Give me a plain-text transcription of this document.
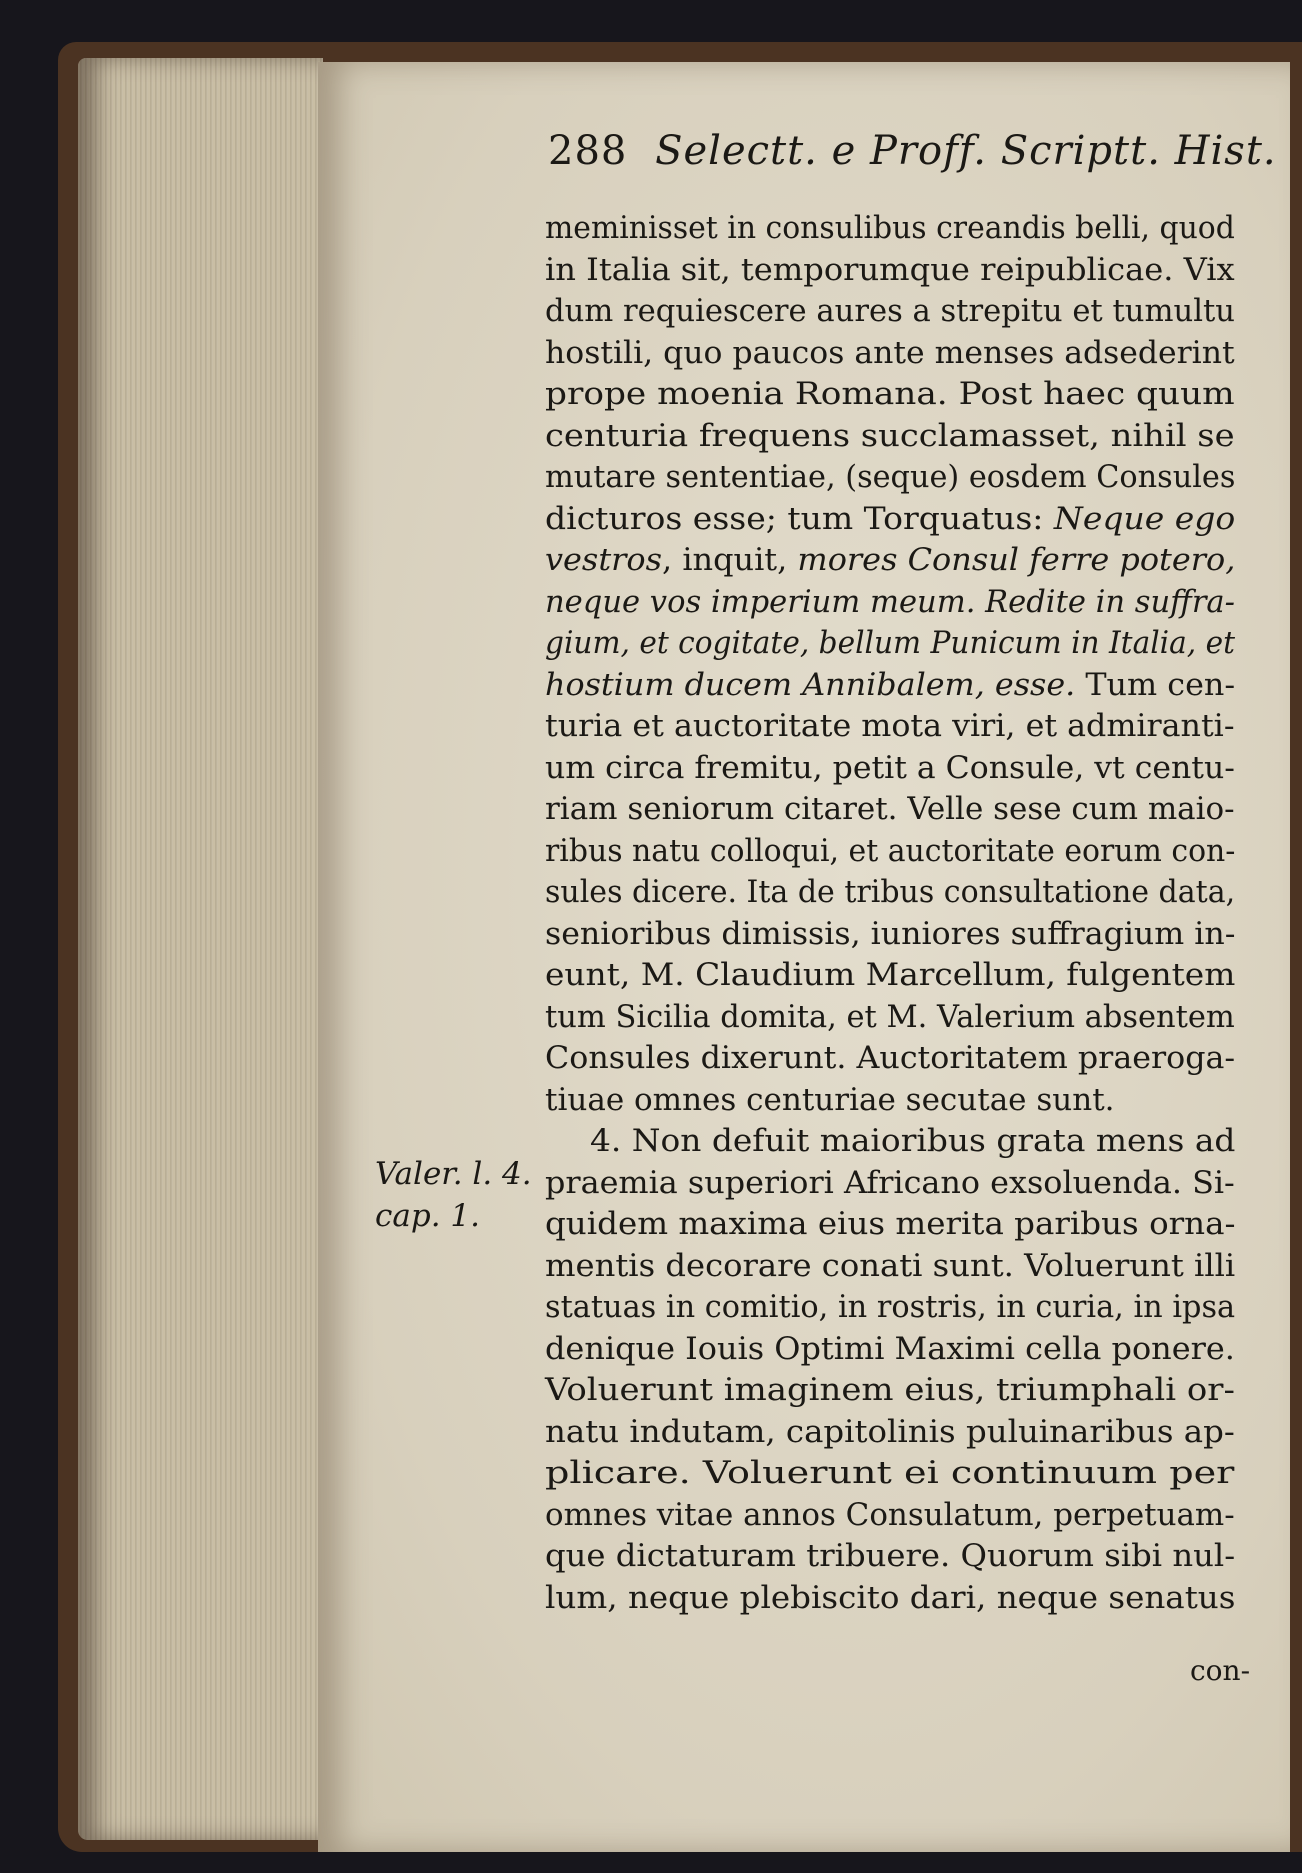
288 Selectt. e Proff. Scriptt. Hist.
meminisset in consulibus creandis belli, quod
in Italia sit, temporumque reipublicae. Vix
dum requiescere aures a strepitu et tumultu
hostili, quo paucos ante menses adsederint
prope moenia Romana. Post haec quum
centuria frequens succlamasset, nihil se
mutare sententiae, (seque) eosdem Consules
dicturos esse; tum Torquatus: Neque ego
vestros, inquit, mores Consul ferre potero,
neque vos imperium meum. Redite in suffra-
gium, et cogitate, bellum Punicum in Italia, et
hostium ducem Annibalem, esse. Tum cen-
turia et auctoritate mota viri, et admiranti-
um circa fremitu, petit a Consule, vt centu-
riam seniorum citaret. Velle sese cum maio-
ribus natu colloqui, et auctoritate eorum con-
sules dicere. Ita de tribus consultatione data,
senioribus dimissis, iuniores suffragium in-
eunt, M. Claudium Marcellum, fulgentem
tum Sicilia domita, et M. Valerium absentem
Consules dixerunt. Auctoritatem praeroga-
tiuae omnes centuriae secutae sunt.
4. Non defuit maioribus grata mens ad
praemia superiori Africano exsoluenda. Si-
quidem maxima eius merita paribus orna-
mentis decorare conati sunt. Voluerunt illi
statuas in comitio, in rostris, in curia, in ipsa
denique Iouis Optimi Maximi cella ponere.
Voluerunt imaginem eius, triumphali or-
natu indutam, capitolinis puluinaribus ap-
plicare. Voluerunt ei continuum per
omnes vitae annos Consulatum, perpetuam-
que dictaturam tribuere. Quorum sibi nul-
lum, neque plebiscito dari, neque senatus
Valer. l. 4.
cap. 1.
con-
